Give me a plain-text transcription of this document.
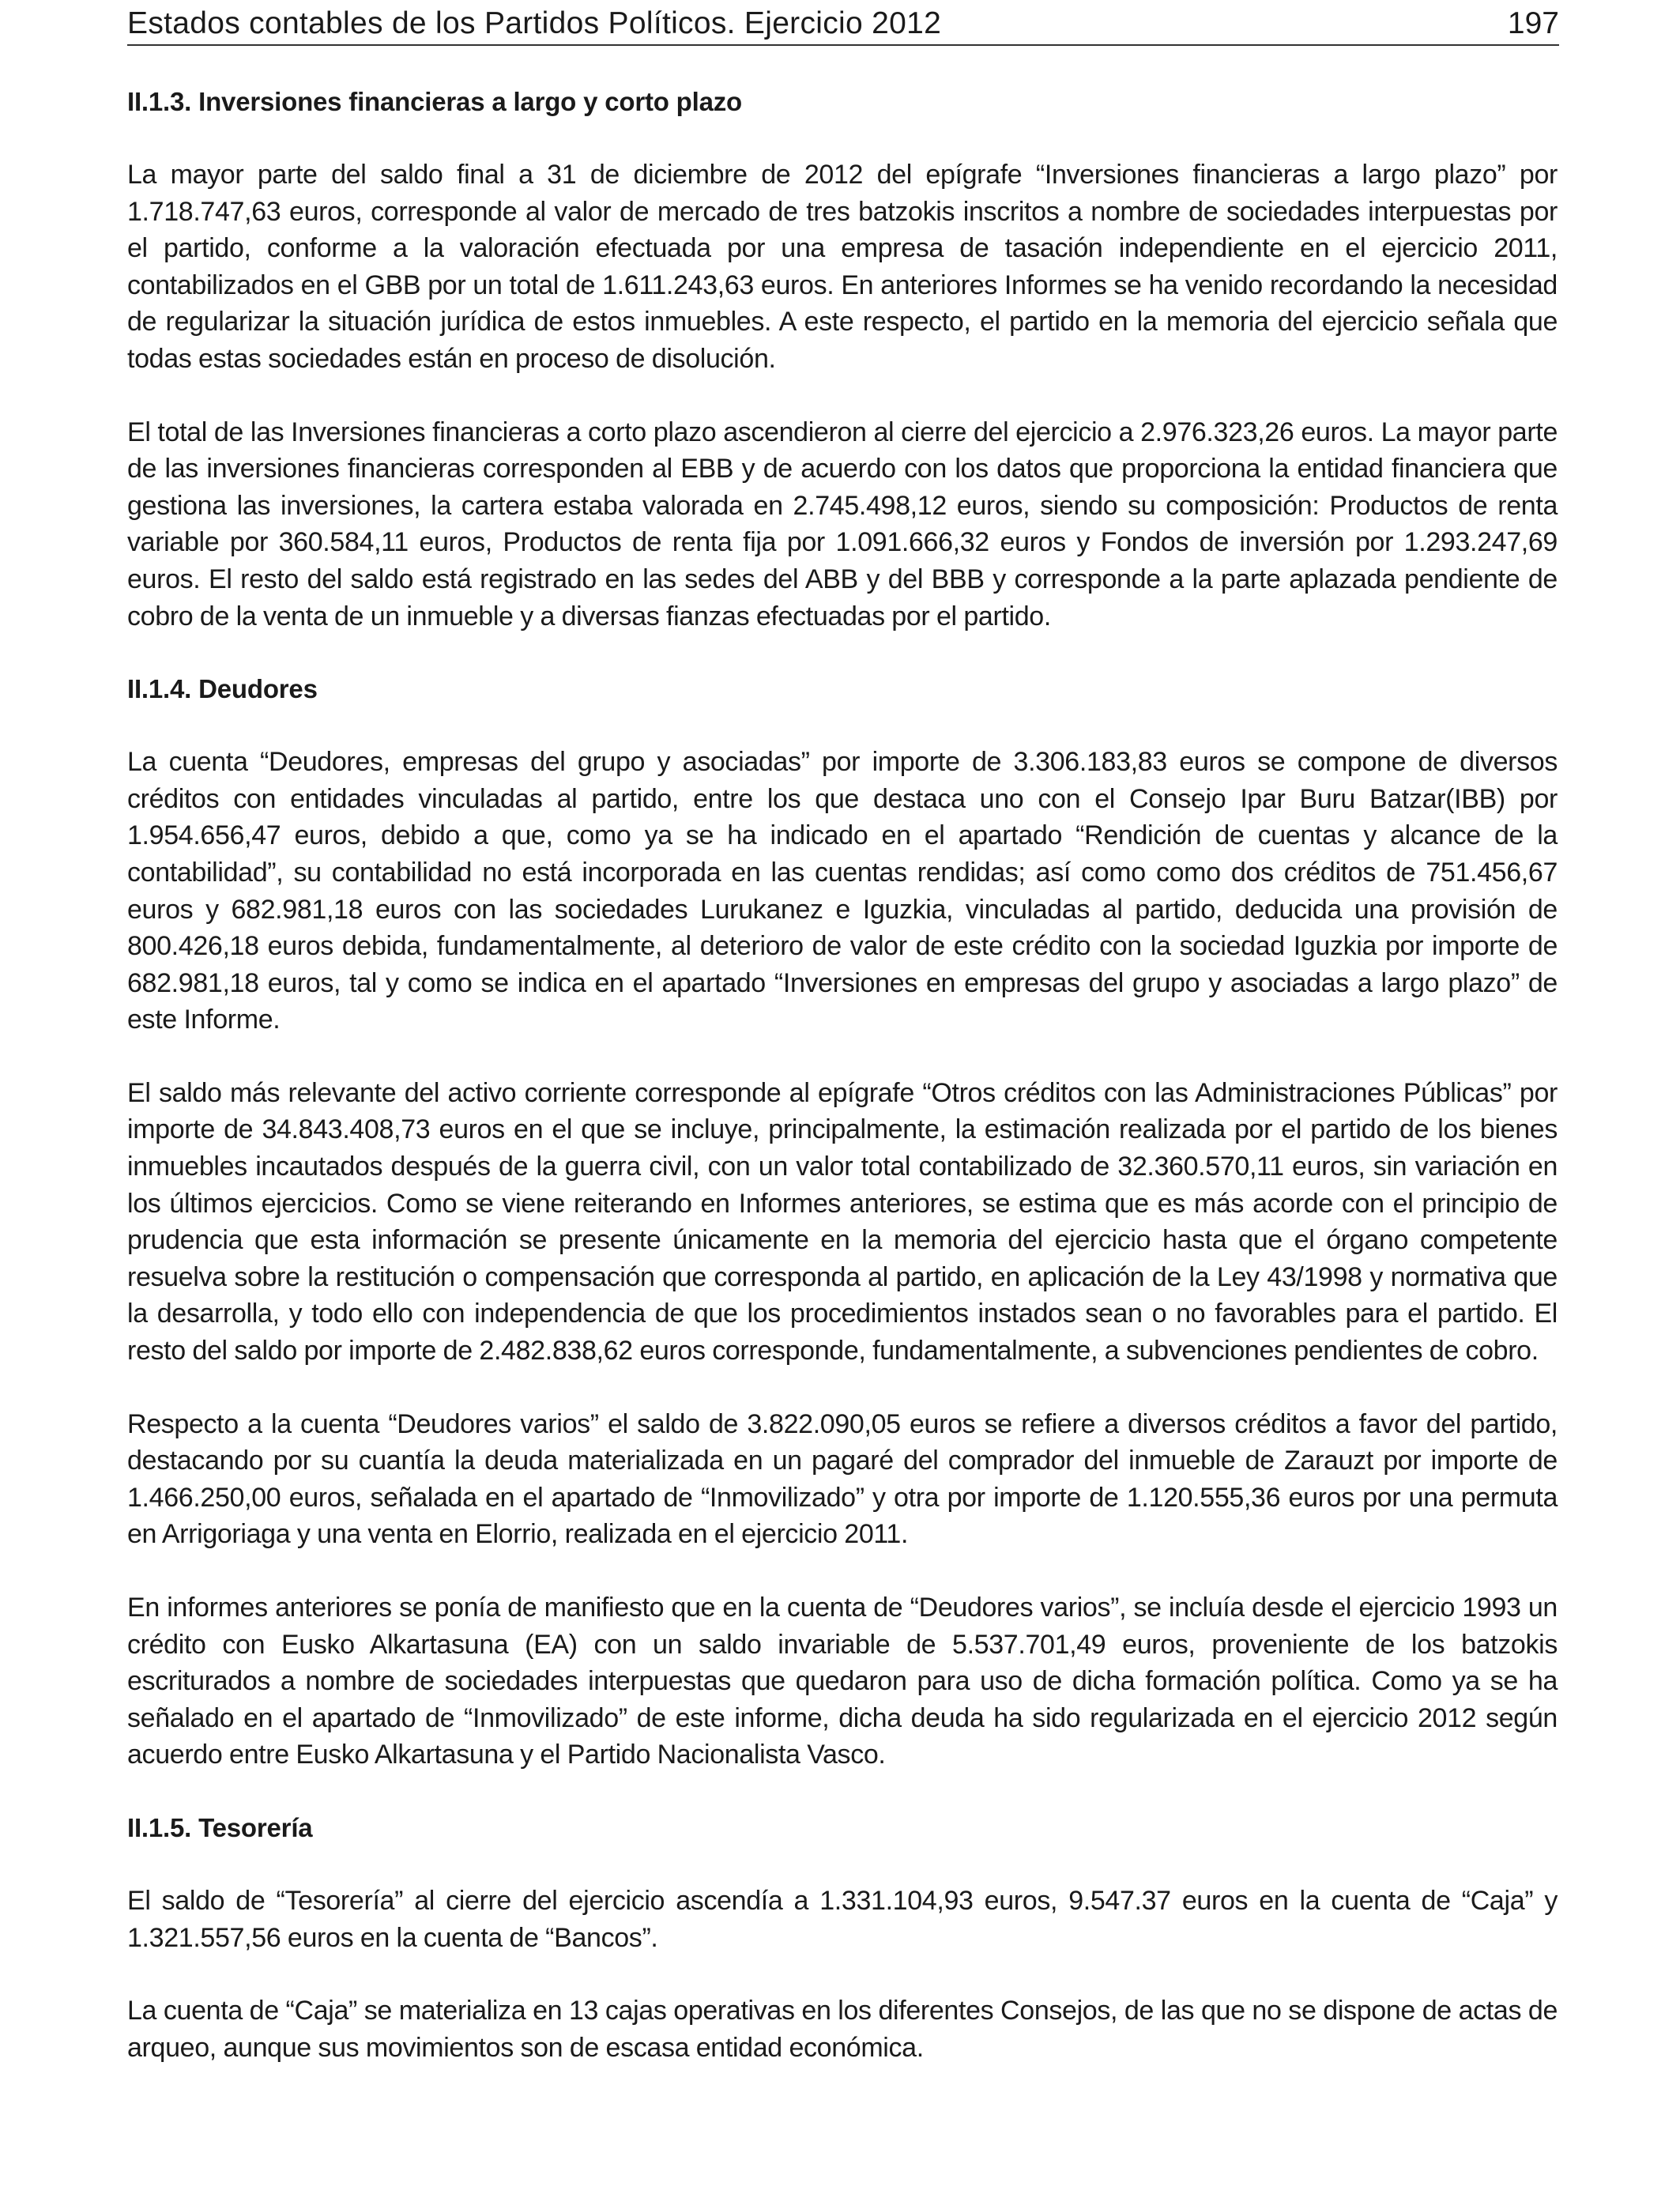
Estados contables de los Partidos Políticos. Ejercicio 2012	197
II.1.3. Inversiones financieras a largo y corto plazo

La mayor parte del saldo final a 31 de diciembre de 2012 del epígrafe “Inversiones financieras a largo plazo” por 1.718.747,63 euros, corresponde al valor de mercado de tres batzokis inscritos a nombre de sociedades interpuestas por el partido, conforme a la valoración efectuada por una empresa de tasación independiente en el ejercicio 2011, contabilizados en el GBB por un total de 1.611.243,63 euros. En anteriores Informes se ha venido recordando la necesidad de regularizar la situación jurídica de estos inmuebles. A este respecto, el partido en la memoria del ejercicio señala que todas estas sociedades están en proceso de disolución.

El total de las Inversiones financieras a corto plazo ascendieron al cierre del ejercicio a 2.976.323,26 euros. La mayor parte de las inversiones financieras corresponden al EBB y de acuerdo con los datos que proporciona la entidad financiera que gestiona las inversiones, la cartera estaba valorada en 2.745.498,12 euros, siendo su composición: Productos de renta variable por 360.584,11 euros, Productos de renta fija por 1.091.666,32 euros y Fondos de inversión por 1.293.247,69 euros. El resto del saldo está registrado en las sedes del ABB y del BBB y corresponde a la parte aplazada pendiente de cobro de la venta de un inmueble y a diversas fianzas efectuadas por el partido.

II.1.4. Deudores

La cuenta “Deudores, empresas del grupo y asociadas” por importe de 3.306.183,83 euros se compone de diversos créditos con entidades vinculadas al partido, entre los que destaca uno con el Consejo Ipar Buru Batzar(IBB) por 1.954.656,47 euros, debido a que, como ya se ha indicado en el apartado “Rendición de cuentas y alcance de la contabilidad”, su contabilidad no está incorporada en las cuentas rendidas; así como como dos créditos de 751.456,67 euros y 682.981,18 euros con las sociedades Lurukanez e Iguzkia, vinculadas al partido, deducida una provisión de 800.426,18 euros debida, fundamentalmente, al deterioro de valor de este crédito con la sociedad Iguzkia por importe de 682.981,18 euros, tal y como se indica en el apartado “Inversiones en empresas del grupo y asociadas a largo plazo” de este Informe.

El saldo más relevante del activo corriente corresponde al epígrafe “Otros créditos con las Administraciones Públicas” por importe de 34.843.408,73 euros en el que se incluye, principalmente, la estimación realizada por el partido de los bienes inmuebles incautados después de la guerra civil, con un valor total contabilizado de 32.360.570,11 euros, sin variación en los últimos ejercicios. Como se viene reiterando en Informes anteriores, se estima que es más acorde con el principio de prudencia que esta información se presente únicamente en la memoria del ejercicio hasta que el órgano competente resuelva sobre la restitución o compensación que corresponda al partido, en aplicación de la Ley 43/1998 y normativa que la desarrolla, y todo ello con independencia de que los procedimientos instados sean o no favorables para el partido. El resto del saldo por importe de 2.482.838,62 euros corresponde, fundamentalmente, a subvenciones pendientes de cobro.

Respecto a la cuenta “Deudores varios” el saldo de 3.822.090,05 euros se refiere a diversos créditos a favor del partido, destacando por su cuantía la deuda materializada en un pagaré del comprador del inmueble de Zarauzt por importe de 1.466.250,00 euros, señalada en el apartado de “Inmovilizado” y otra por importe de 1.120.555,36 euros por una permuta en Arrigoriaga y una venta en Elorrio, realizada en el ejercicio 2011.

En informes anteriores se ponía de manifiesto que en la cuenta de “Deudores varios”, se incluía desde el ejercicio 1993 un crédito con Eusko Alkartasuna (EA) con un saldo invariable de 5.537.701,49 euros, proveniente de los batzokis escriturados a nombre de sociedades interpuestas que quedaron para uso de dicha formación política. Como ya se ha señalado en el apartado de “Inmovilizado” de este informe, dicha deuda ha sido regularizada en el ejercicio 2012 según acuerdo entre Eusko Alkartasuna y el Partido Nacionalista Vasco.

II.1.5. Tesorería

El saldo de “Tesorería” al cierre del ejercicio ascendía a 1.331.104,93 euros, 9.547.37 euros en la cuenta de “Caja” y 1.321.557,56 euros en la cuenta de “Bancos”.

La cuenta de “Caja” se materializa en 13 cajas operativas en los diferentes Consejos, de las que no se dispone de actas de arqueo, aunque sus movimientos son de escasa entidad económica.
